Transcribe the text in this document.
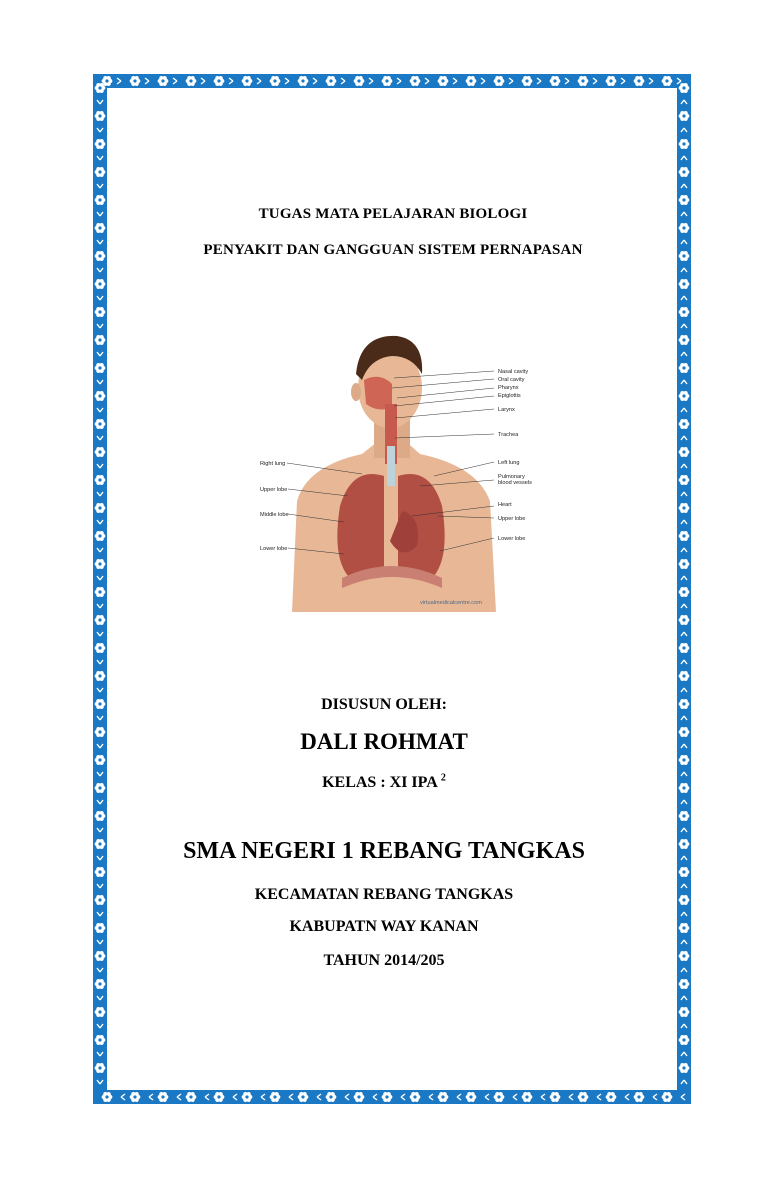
TUGAS MATA PELAJARAN BIOLOGI
PENYAKIT DAN GANGGUAN SISTEM PERNAPASAN
Nasal cavity
Oral cavity
Pharynx
Epiglottis
Larynx
Trachea
Left lung
Pulmonary
blood vessels
Heart
Upper lobe
Lower lobe
Right lung
Upper lobe
Middle lobe
Lower lobe
virtualmedicalcentre.com
DISUSUN OLEH:
DALI ROHMAT
KELAS : XI IPA $^2$
SMA NEGERI 1 REBANG TANGKAS
KECAMATAN REBANG TANGKAS
KABUPATN WAY KANAN
TAHUN 2014/205
